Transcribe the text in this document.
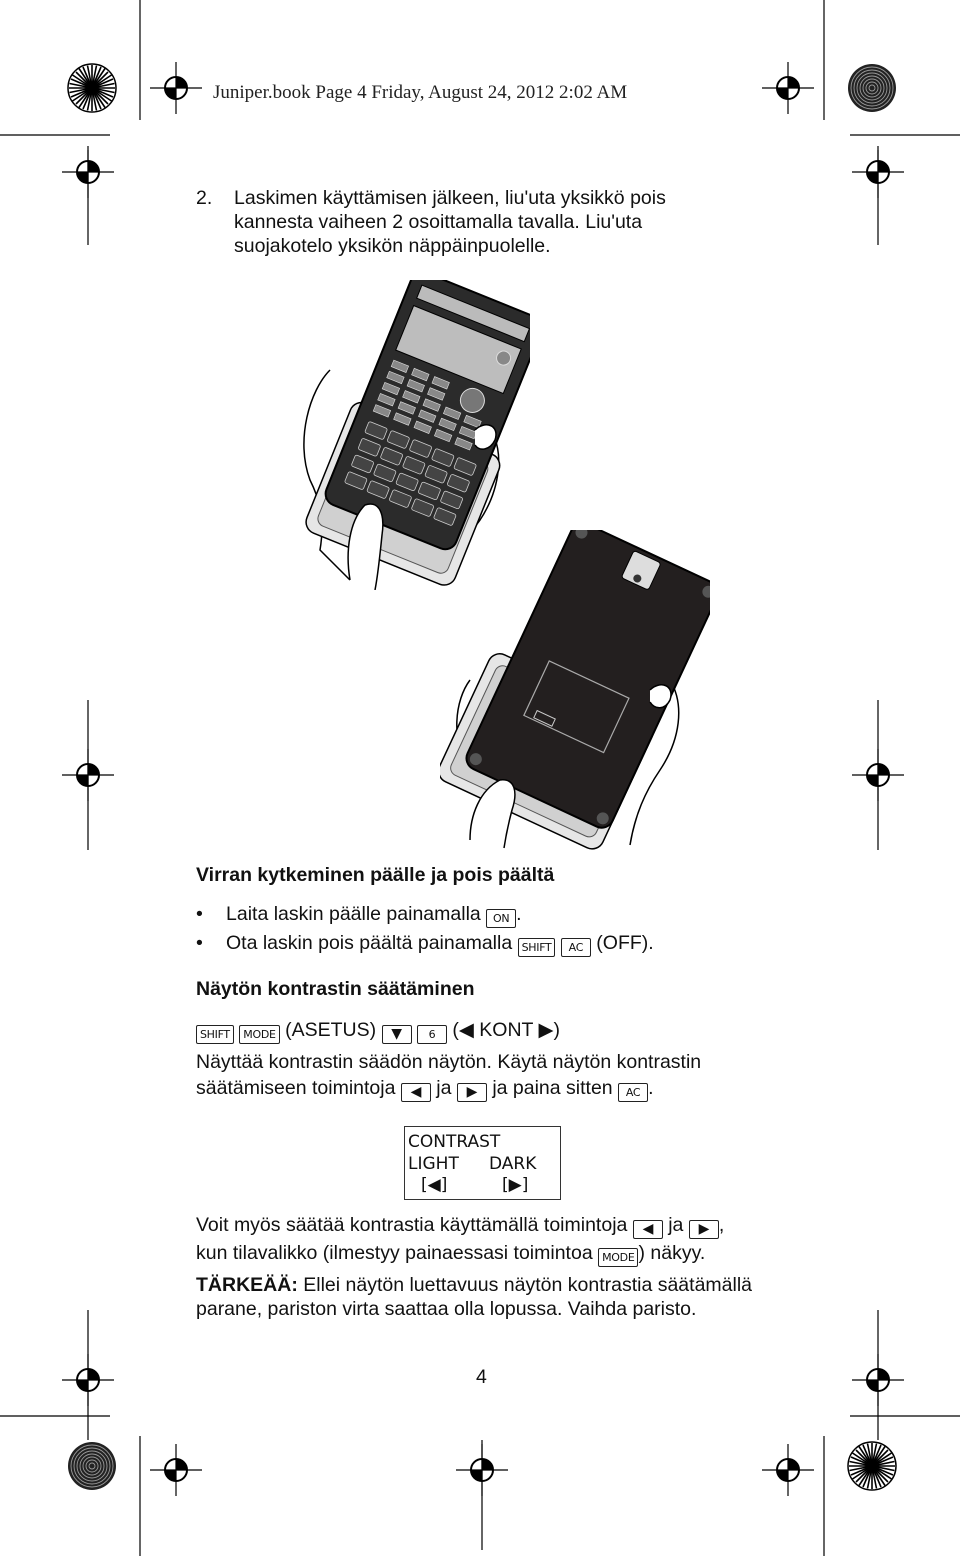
Juniper.book Page 4 Friday, August 24, 2012 2:02 AM
2. Laskimen käyttämisen jälkeen, liu'uta yksikkö pois
kannesta vaiheen 2 osoittamalla tavalla. Liu'uta
suojakotelo yksikön näppäinpuolelle.
Virran kytkeminen päälle ja pois päältä
• Laita laskin päälle painamalla ON .
• Ota laskin pois päältä painamalla SHIFT AC (OFF).
Näytön kontrastin säätäminen
SHIFT MODE (ASETUS) ▼ 6 (◀ KONT ▶)
Näyttää kontrastin säädön näytön. Käytä näytön kontrastin
säätämiseen toimintoja ◀ ja ▶ ja paina sitten AC .
CONTRAST
LIGHT DARK
[◀]	[▶]
Voit myös säätää kontrastia käyttämällä toimintoja ◀ ja ▶ ,
kun tilavalikko (ilmestyy painaessasi toimintoa MODE ) näkyy.
TÄRKEÄÄ: Ellei näytön luettavuus näytön kontrastia säätämällä
parane, pariston virta saattaa olla lopussa. Vaihda paristo.
4
